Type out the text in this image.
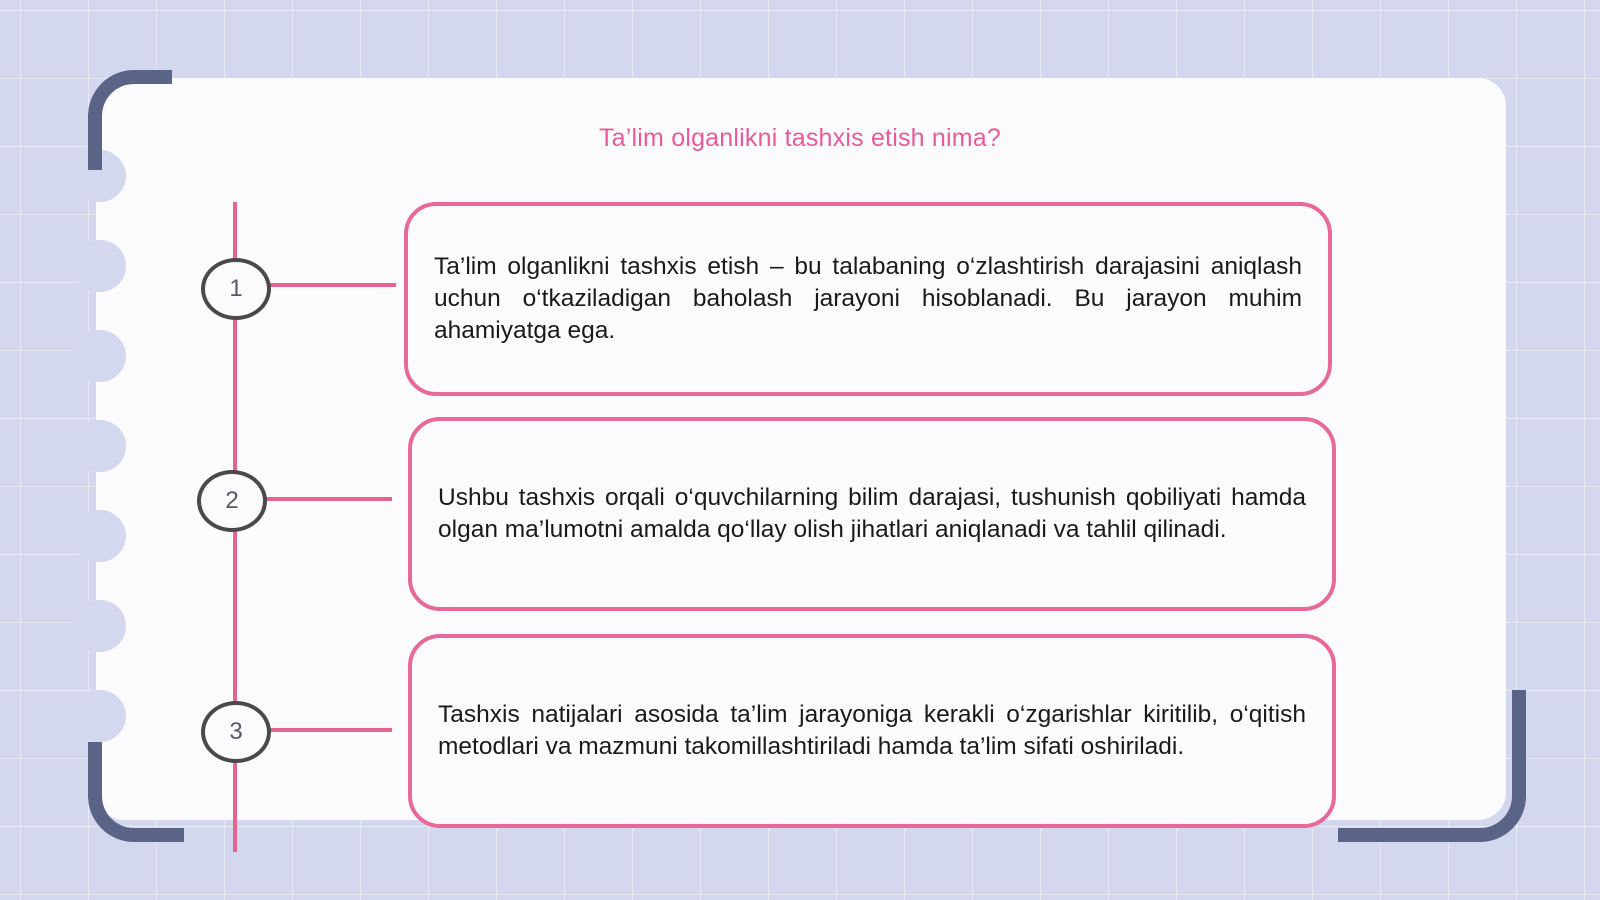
Ta’lim olganlikni tashxis etish nima?
1
2
3

Ta’lim olganlikni tashxis etish – bu talabaning o‘zlashtirish darajasini aniqlash uchun o‘tkaziladigan baholash jarayoni hisoblanadi. Bu jarayon muhim ahamiyatga ega.

Ushbu tashxis orqali o‘quvchilarning bilim darajasi, tushunish qobiliyati hamda olgan ma’lumotni amalda qo‘llay olish jihatlari aniqlanadi va tahlil qilinadi.

Tashxis natijalari asosida ta’lim jarayoniga kerakli o‘zgarishlar kiritilib, o‘qitish metodlari va mazmuni takomillashtiriladi hamda ta’lim sifati oshiriladi.
